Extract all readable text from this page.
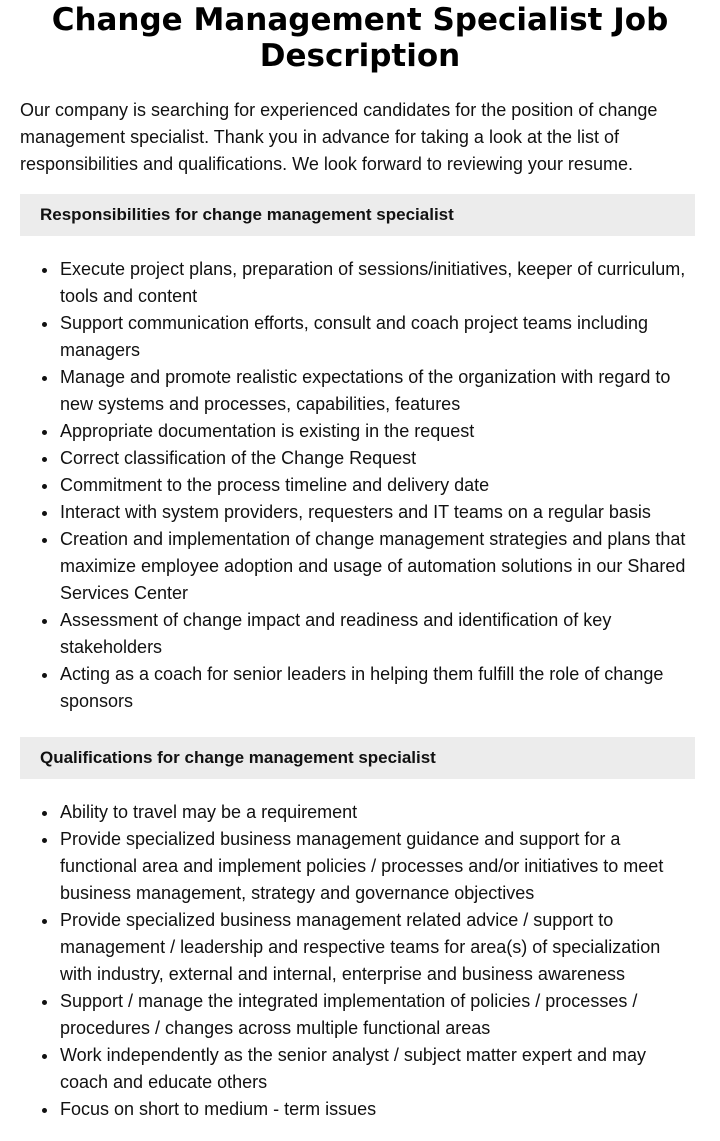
Change Management Specialist Job Description

Our company is searching for experienced candidates for the position of change management specialist. Thank you in advance for taking a look at the list of responsibilities and qualifications. We look forward to reviewing your resume.

Responsibilities for change management specialist
Execute project plans, preparation of sessions/initiatives, keeper of curriculum, tools and content
Support communication efforts, consult and coach project teams including managers
Manage and promote realistic expectations of the organization with regard to new systems and processes, capabilities, features
Appropriate documentation is existing in the request
Correct classification of the Change Request
Commitment to the process timeline and delivery date
Interact with system providers, requesters and IT teams on a regular basis
Creation and implementation of change management strategies and plans that maximize employee adoption and usage of automation solutions in our Shared Services Center
Assessment of change impact and readiness and identification of key stakeholders
Acting as a coach for senior leaders in helping them fulfill the role of change sponsors
Qualifications for change management specialist
Ability to travel may be a requirement
Provide specialized business management guidance and support for a functional area and implement policies / processes and/or initiatives to meet business management, strategy and governance objectives
Provide specialized business management related advice / support to management / leadership and respective teams for area(s) of specialization with industry, external and internal, enterprise and business awareness
Support / manage the integrated implementation of policies / processes / procedures / changes across multiple functional areas
Work independently as the senior analyst / subject matter expert and may coach and educate others
Focus on short to medium - term issues
